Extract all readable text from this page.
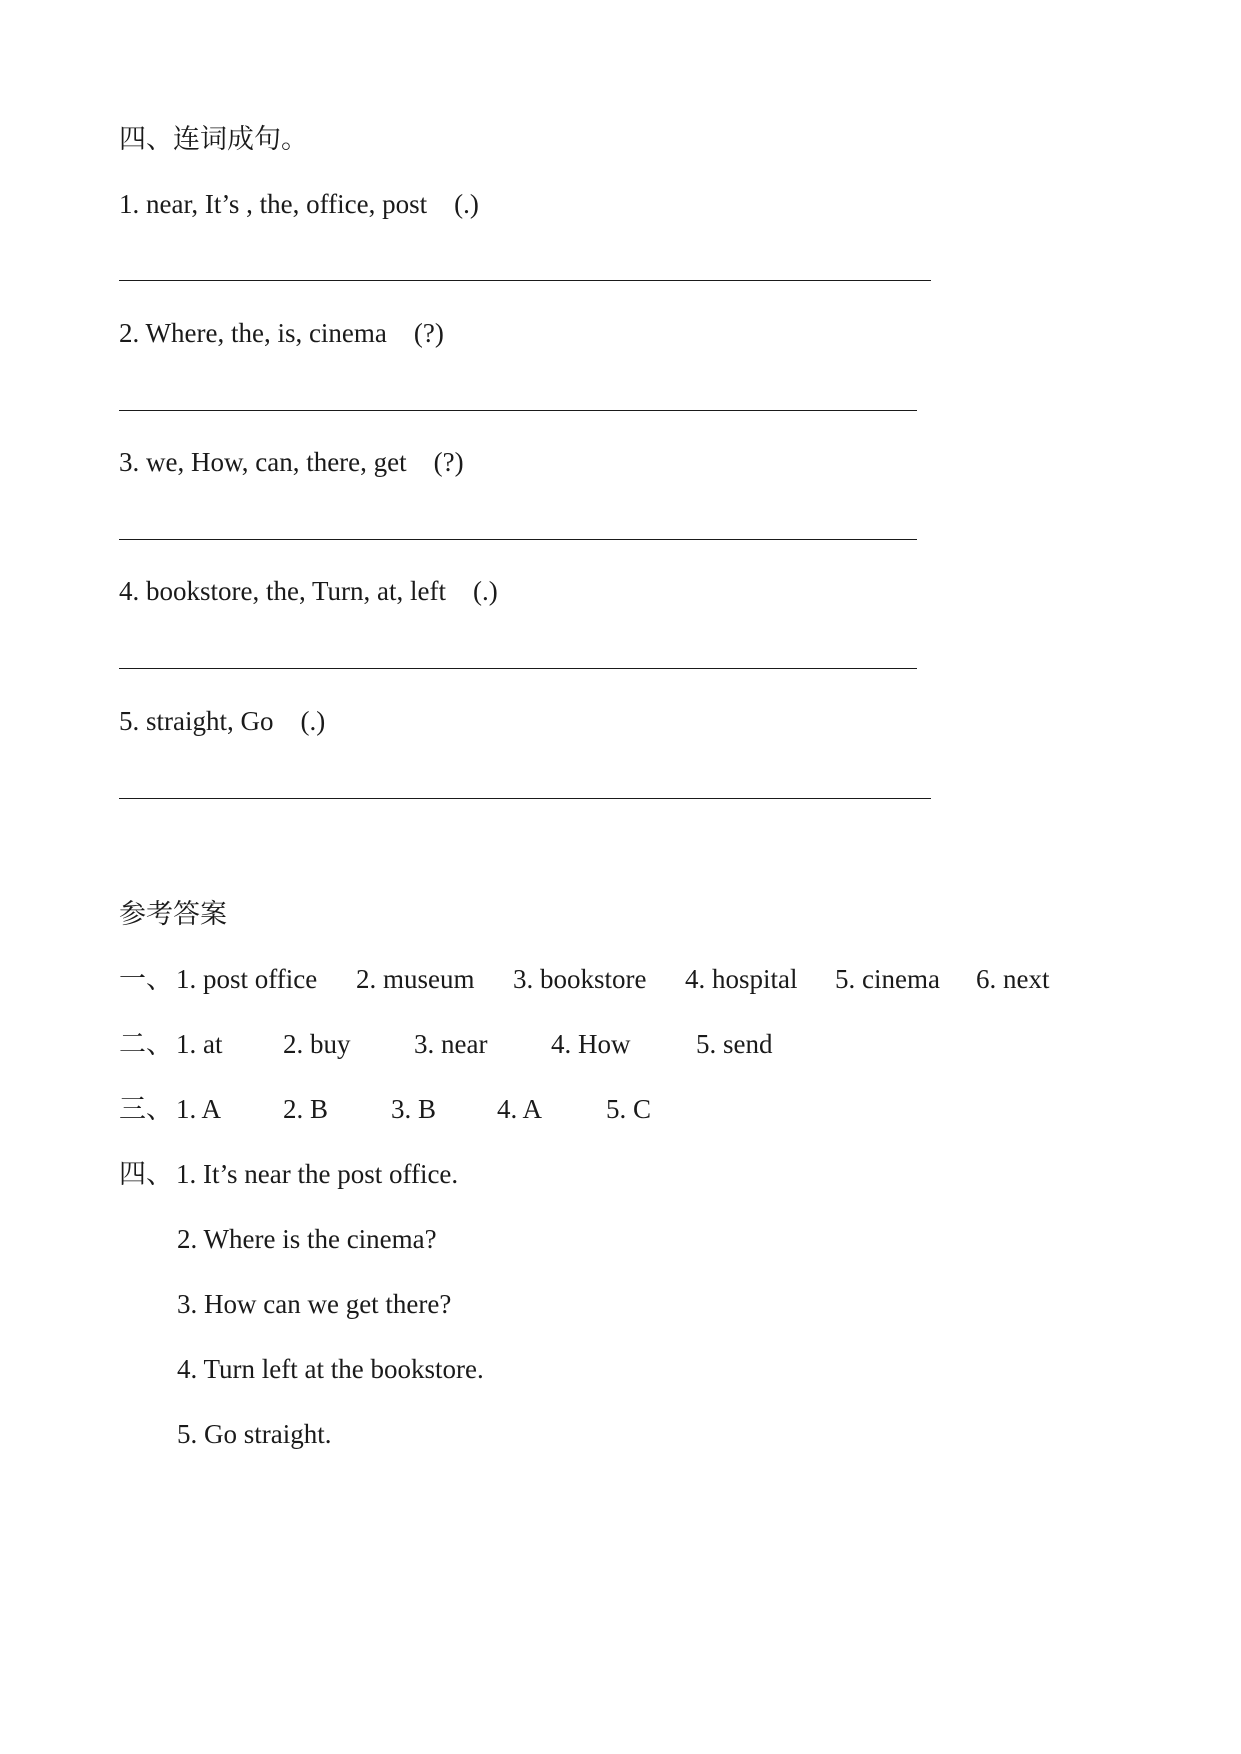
四、连词成句。
1. near, It’s , the, office, post    (.)
2. Where, the, is, cinema    (?)
3. we, How, can, there, get    (?)
4. bookstore, the, Turn, at, left    (.)
5. straight, Go    (.)
参考答案

一、

1. post office

2. museum

3. bookstore

4. hospital

5. cinema

6. next

二、

1. at

2. buy

3. near

4. How

5. send

三、

1. A

2. B

3. B

4. A

5. C

四、

1. It’s near the post office.

2. Where is the cinema?
3. How can we get there?
4. Turn left at the bookstore.
5. Go straight.
